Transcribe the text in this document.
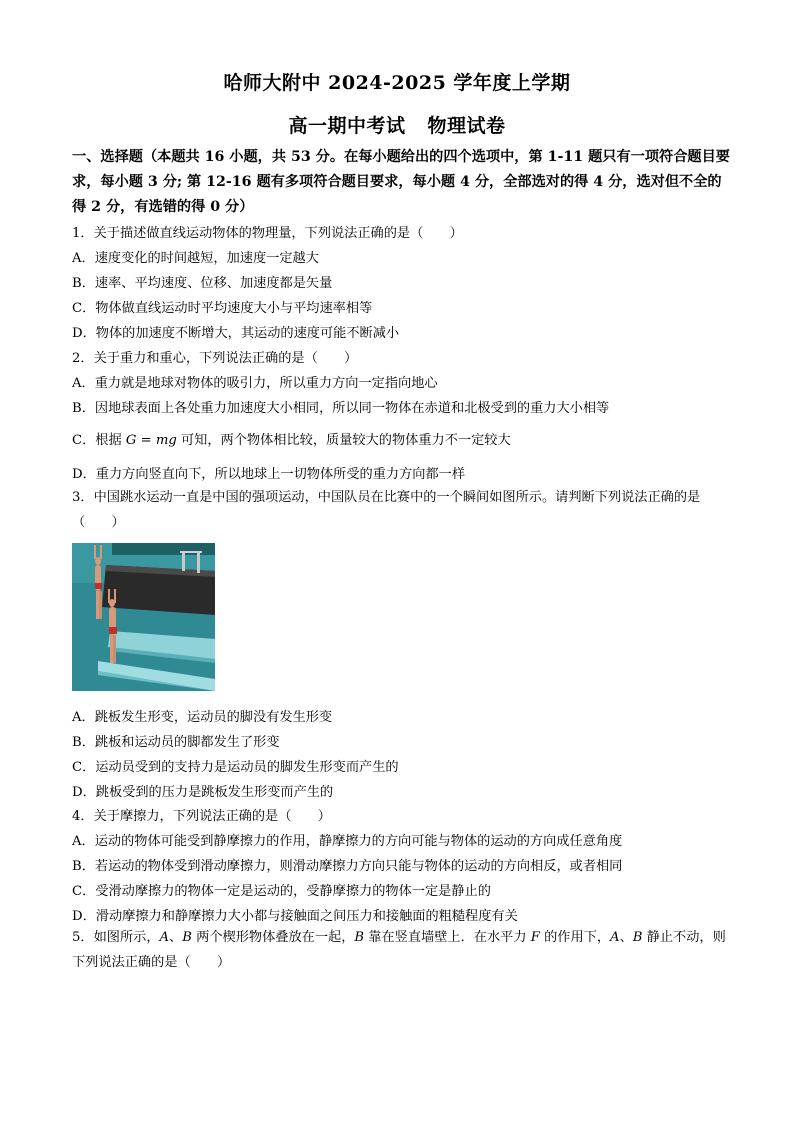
哈师大附中 2024-2025 学年度上学期
高一期中考试 物理试卷
一、选择题（本题共 16 小题，共 53 分。在每小题给出的四个选项中，第 1-11 题只有一项符合题目要求，每小题 3 分; 第 12-16 题有多项符合题目要求，每小题 4 分，全部选对的得 4 分，选对但不全的得 2 分，有选错的得 0 分）
1．关于描述做直线运动物体的物理量，下列说法正确的是（　　）
A．速度变化的时间越短，加速度一定越大
B．速率、平均速度、位移、加速度都是矢量
C．物体做直线运动时平均速度大小与平均速率相等
D．物体的加速度不断增大，其运动的速度可能不断减小
2．关于重力和重心，下列说法正确的是（　　）
A．重力就是地球对物体的吸引力，所以重力方向一定指向地心
B．因地球表面上各处重力加速度大小相同，所以同一物体在赤道和北极受到的重力大小相等
C．根据 G = mg 可知，两个物体相比较，质量较大的物体重力不一定较大
D．重力方向竖直向下，所以地球上一切物体所受的重力方向都一样
3．中国跳水运动一直是中国的强项运动，中国队员在比赛中的一个瞬间如图所示。请判断下列说法正确的是（　　）
A．跳板发生形变，运动员的脚没有发生形变
B．跳板和运动员的脚都发生了形变
C．运动员受到的支持力是运动员的脚发生形变而产生的
D．跳板受到的压力是跳板发生形变而产生的
4．关于摩擦力，下列说法正确的是（　　）
A．运动的物体可能受到静摩擦力的作用，静摩擦力的方向可能与物体的运动的方向成任意角度
B．若运动的物体受到滑动摩擦力，则滑动摩擦力方向只能与物体的运动的方向相反，或者相同
C．受滑动摩擦力的物体一定是运动的，受静摩擦力的物体一定是静止的
D．滑动摩擦力和静摩擦力大小都与接触面之间压力和接触面的粗糙程度有关
5．如图所示，A、B 两个楔形物体叠放在一起，B 靠在竖直墙壁上．在水平力 F 的作用下，A、B 静止不动，则下列说法正确的是（　　）
